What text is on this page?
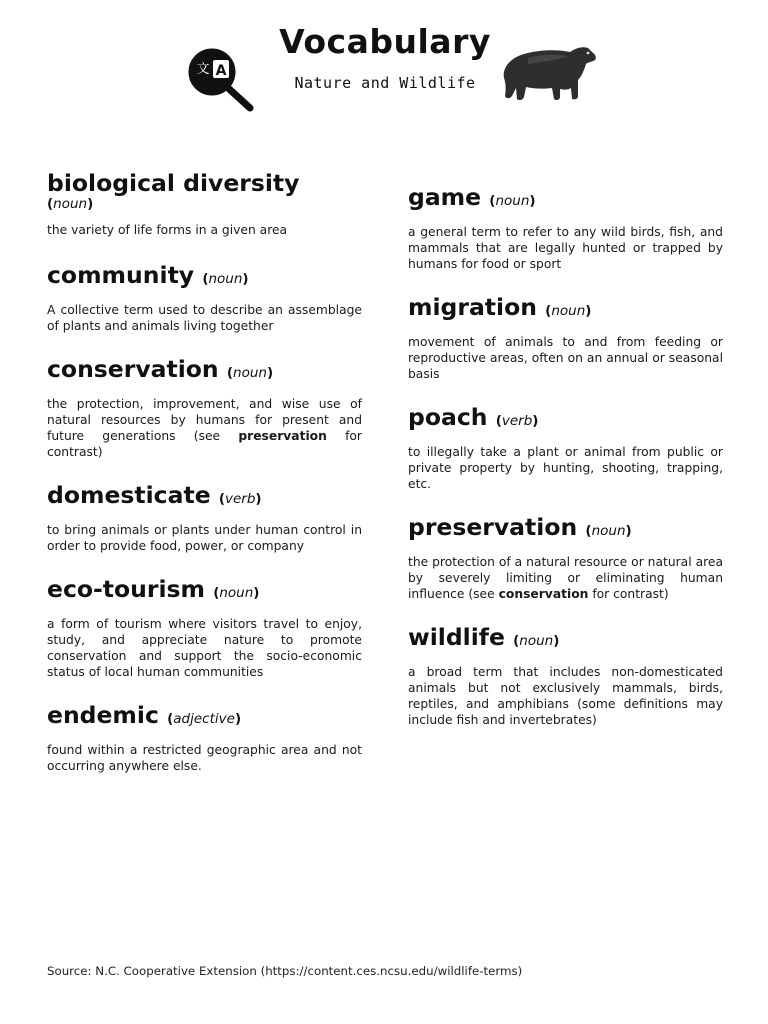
A
文
Vocabulary
Nature and Wildlife
biological diversity
(noun)
the variety of life forms in a given area
community (noun)
A collective term used to describe an assemblage of plants and animals living together
conservation (noun)
the protection, improvement, and wise use of natural resources by humans for present and future generations (see preservation for contrast)
domesticate (verb)
to bring animals or plants under human control in order to provide food, power, or company
eco-tourism (noun)
a form of tourism where visitors travel to enjoy, study, and appreciate nature to promote conservation and support the socio-economic status of local human communities
endemic (adjective)
found within a restricted geographic area and not occurring anywhere else.
game (noun)
a general term to refer to any wild birds, fish, and mammals that are legally hunted or trapped by humans for food or sport
migration (noun)
movement of animals to and from feeding or reproductive areas, often on an annual or seasonal basis
poach (verb)
to illegally take a plant or animal from public or private property by hunting, shooting, trapping, etc.
preservation (noun)
the protection of a natural resource or natural area by severely limiting or eliminating human influence (see conservation for contrast)
wildlife (noun)
a broad term that includes non-domesticated animals but not exclusively mammals, birds, reptiles, and amphibians (some definitions may include fish and invertebrates)
Source: N.C. Cooperative Extension (https://content.ces.ncsu.edu/wildlife-terms)
